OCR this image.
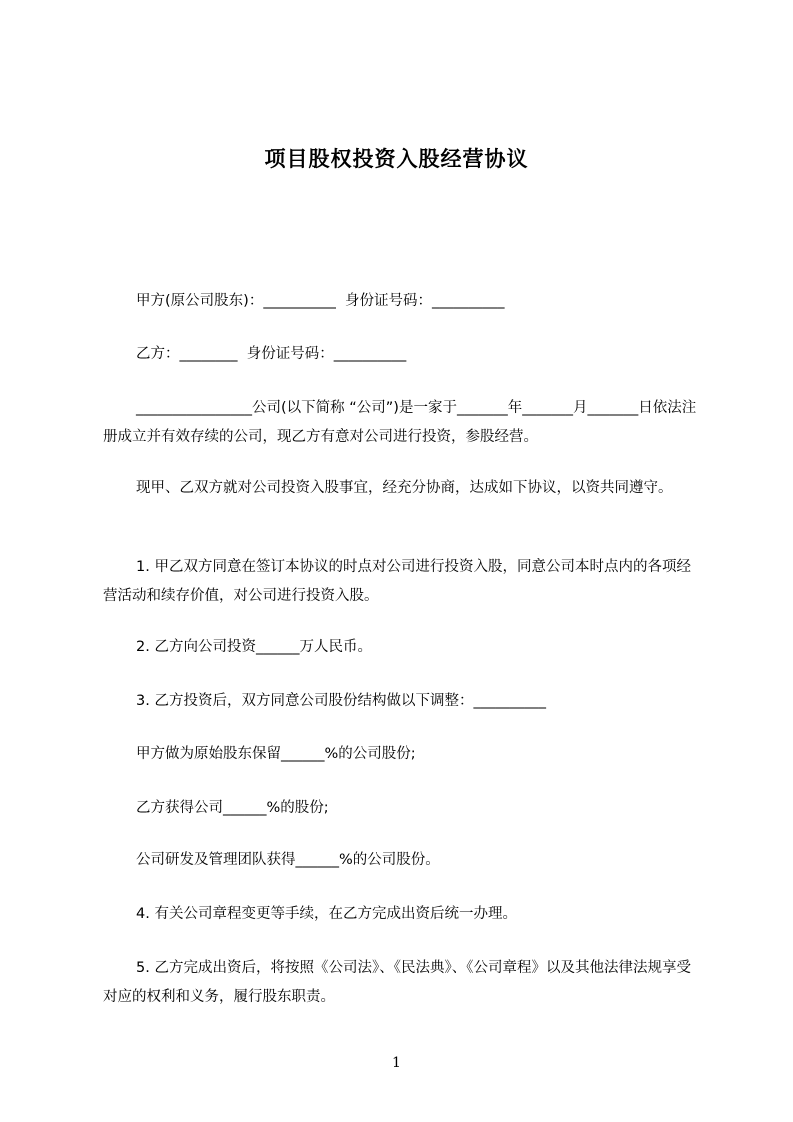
项目股权投资入股经营协议
甲方(原公司股东)：__________  身份证号码：__________
乙方：________  身份证号码：__________
________________公司(以下简称 “公司”)是一家于_______年_______月_______日依法注册成立并有效存续的公司，现乙方有意对公司进行投资，参股经营。
现甲、乙双方就对公司投资入股事宜，经充分协商，达成如下协议，以资共同遵守。
1. 甲乙双方同意在签订本协议的时点对公司进行投资入股，同意公司本时点内的各项经营活动和续存价值，对公司进行投资入股。
2. 乙方向公司投资______万人民币。
3. 乙方投资后，双方同意公司股份结构做以下调整：__________
甲方做为原始股东保留______%的公司股份;
乙方获得公司______%的股份;
公司研发及管理团队获得______%的公司股份。
4. 有关公司章程变更等手续，在乙方完成出资后统一办理。
5. 乙方完成出资后，将按照《公司法》、《民法典》、《公司章程》以及其他法律法规享受对应的权利和义务，履行股东职责。
1
